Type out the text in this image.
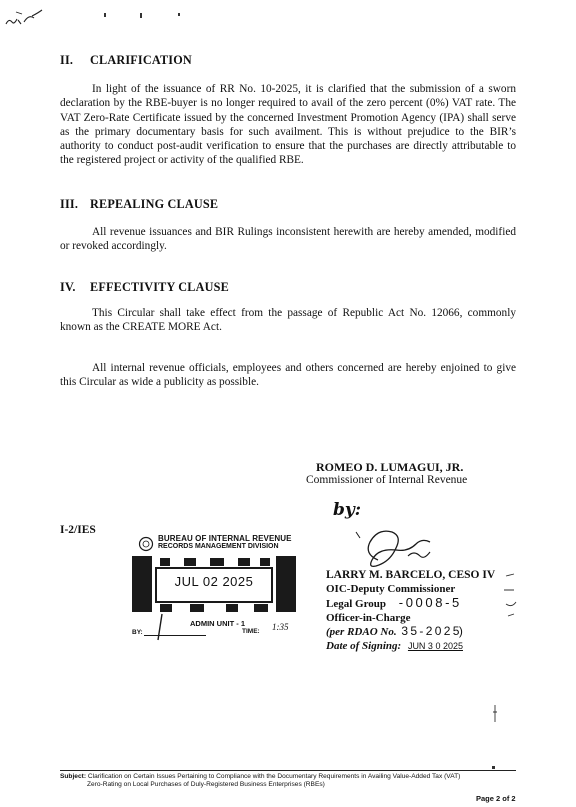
II. CLARIFICATION
In light of the issuance of RR No. 10-2025, it is clarified that the submission of a sworn declaration by the RBE-buyer is no longer required to avail of the zero percent (0%) VAT rate. The VAT Zero-Rate Certificate issued by the concerned Investment Promotion Agency (IPA) shall serve as the primary documentary basis for such availment. This is without prejudice to the BIR’s authority to conduct post-audit verification to ensure that the purchases are directly attributable to the registered project or activity of the qualified RBE.
III. REPEALING CLAUSE
All revenue issuances and BIR Rulings inconsistent herewith are hereby amended, modified or revoked accordingly.
IV. EFFECTIVITY CLAUSE
This Circular shall take effect from the passage of Republic Act No. 12066, commonly known as the CREATE MORE Act.
All internal revenue officials, employees and others concerned are hereby enjoined to give this Circular as wide a publicity as possible.
ROMEO D. LUMAGUI, JR.
Commissioner of Internal Revenue
by:
I-2/IES
BUREAU OF INTERNAL REVENUE
RECORDS MANAGEMENT DIVISION
JUL 02 2025
ADMIN UNIT - 1
BY:	TIME: 1:35
LARRY M. BARCELO, CESO IV
OIC-Deputy Commissioner
Legal Group - 0 0 0 8 - 5
Officer-in-Charge
(per RDAO No. 3 5 - 2 0 2 5)
Date of Signing: JUN 3 0 2025
Subject: Clarification on Certain Issues Pertaining to Compliance with the Documentary Requirements in Availing Value-Added Tax (VAT)
Zero-Rating on Local Purchases of Duly-Registered Business Enterprises (RBEs)
Page 2 of 2
